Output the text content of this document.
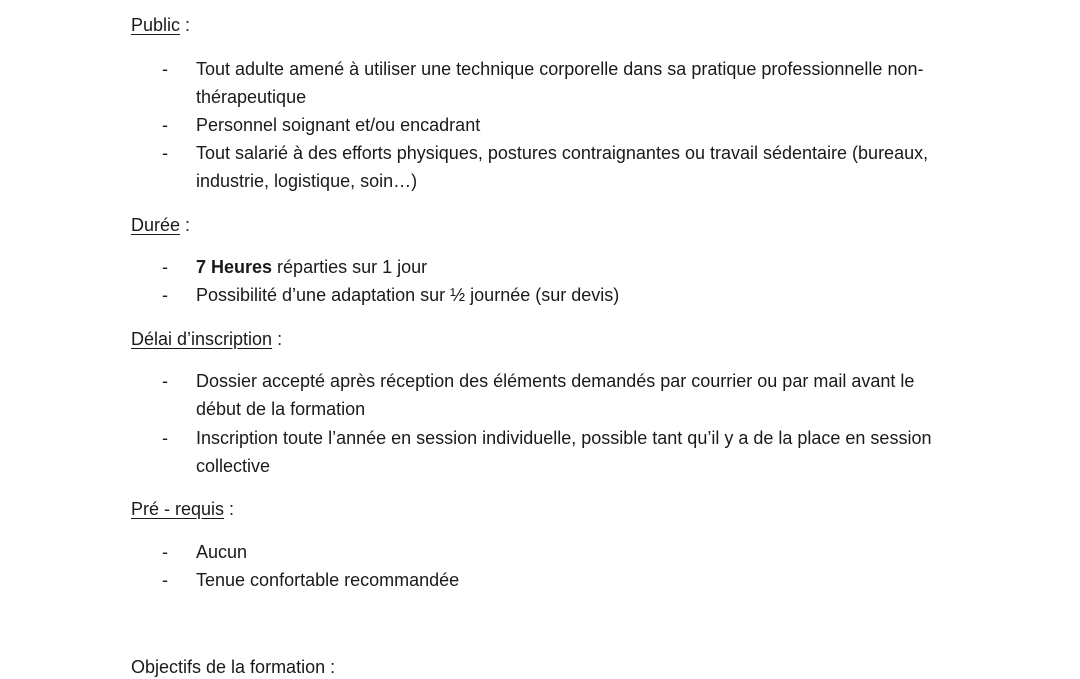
Public :
- Tout adulte amené à utiliser une technique corporelle dans sa pratique professionnelle non-thérapeutique
- Personnel soignant et/ou encadrant
- Tout salarié à des efforts physiques, postures contraignantes ou travail sédentaire (bureaux, industrie, logistique, soin…)
Durée :
- 7 Heures réparties sur 1 jour
- Possibilité d’une adaptation sur ½ journée (sur devis)
Délai d’inscription :
- Dossier accepté après réception des éléments demandés par courrier ou par mail avant le début de la formation
- Inscription toute l’année en session individuelle, possible tant qu’il y a de la place en session collective
Pré - requis :
- Aucun
- Tenue confortable recommandée
Objectifs de la formation :
